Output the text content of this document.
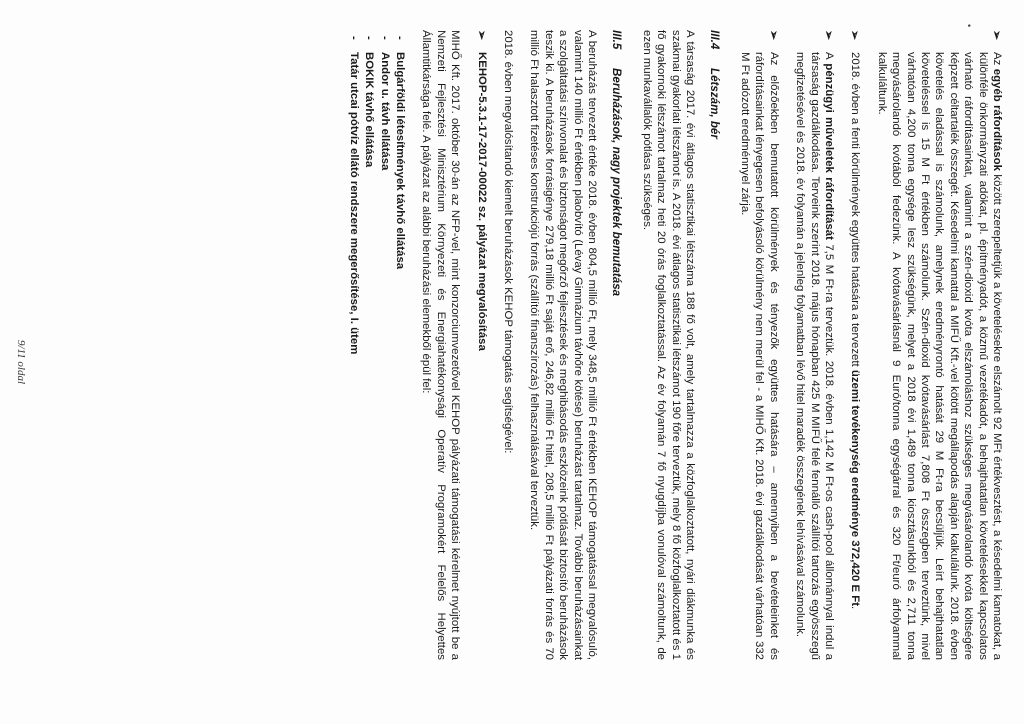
•

➢
Az egyéb ráfordítások között szerepeltetjük a követelésekre elszámolt 92 MFt értékvesztést, a késedelmi kamatokat, a különféle önkormányzati adókat, pl. építményadót, a közmű vezetékadót, a behajthatatlan követelésekkel kapcsolatos várható ráfordításainkat, valamint a szén-dioxid kvóta elszámoláshoz szükséges megvásárolandó kvóta költségére képzett céltartalék összegét. Késedelmi kamattal a MIFŰ Kft.-vel kötött megállapodás alapján kalkulálunk. 2018. évben követelés eladással is számolunk, amelynek eredményrontó hatását 29 M Ft-ra becsüljük. Leírt behajthatatlan követeléssel is 15 M Ft értékben számolunk. Szén-dioxid kvótavásárlást 7,808 Ft összegben terveztünk, mivel várhatóan 4,200 tonna egysége lesz szükségünk, melyet a 2018 évi 1,489 tonna kiosztásunkból és 2,711 tonna megvásárolandó kvótából fedezünk. A kvótavásárlásnál 9 Euró/tonna egységárral és 320 Ft/euró árfolyammal kalkuláltunk.

➢
2018. évben a fenti körülmények együttes hatására a tervezett üzemi tevékenység eredménye 372,420 E Ft.

➢
A pénzügyi műveletek ráfordítását 7,5 M Ft-ra terveztük. 2018. évben 1,142 M Ft-os cash-pool állománnyal indul a társaság gazdálkodása. Terveink szerint 2018. május hónapban 425 M MIFŰ felé fennálló szállítói tartozás egyösszegű megfizetésével és 2018. év folyamán a jelenleg folyamatban lévő hitel maradék összegének lehívásával számolunk.

➢
Az előzőekben bemutatott körülmények és tényezők együttes hatására – amennyiben a bevételeinket és ráfordításainkat lényegesen befolyásoló körülmény nem merül fel - a MIHŐ Kft. 2018. évi gazdálkodását várhatóan 332 M Ft adózott eredménnyel zárja.

III.4Létszám, bér

A társaság 2017. évi átlagos statisztikai létszáma 188 fő volt, amely tartalmazza a közfoglalkoztatott, nyári diákmunka és szakmai gyakorlati létszámot is. A 2018. évi átlagos statisztikai létszámot 190 főre terveztük, mely 8 fő közfoglalkoztatott és 1 fő gyakornoki létszámot tartalmaz heti 20 órás foglalkoztatással. Az év folyamán 7 fő nyugdíjba vonulóval számoltunk, de ezen munkavállalók pótlása szükséges.

III.5Beruházások, nagy projektek bemutatása

A beruházás tervezett értéke 2018. évben 804,5 millió Ft, mely 348,5 millió Ft értékben KEHOP támogatással megvalósuló, valamint 140 millió Ft értékben plaobvító (Lévay Gimnázium távhőre kötése) beruházást tartalmaz. További beruházásainkat a szolgáltatási színvonalat és biztonságot megőrző fejlesztések és meghibásodás eszközeink pótlását biztosító beruházások teszik ki. A beruházások forrásigénye 279,18 millió Ft saját erő, 246,82 millió Ft hitel, 208,5 millió Ft pályázati forrás és 70 millió Ft halasztott fizetéses konstrukciójú forrás (szállítói finanszírozás) felhasználásával terveztük.

2018. évben megvalósítandó kiemelt beruházások KEHOP támogatás segítségével:

➢
KEHOP-5.3.1-17-2017-00022 sz. pályázat megvalósítása

MIHŐ Kft. 2017. október 30-án az NFP-vel, mint konzorciumvezetővel KEHOP pályázati támogatási kérelmet nyújtott be a Nemzeti Fejlesztési Minisztérium Környezeti és Energiahatékonysági Operatív Programokért Felelős Helyettes Államtitkársága felé. A pályázat az alábbi beruházási elemekből épül fel:

-
Bulgárföldi létesítmények távhő ellátása
-
Andor u. távh ellátása
-
BOKIK távhő ellátása
-
Tatár utcai pótvíz ellátó rendszere megerősítése, I. ütem
9/11 oldal
